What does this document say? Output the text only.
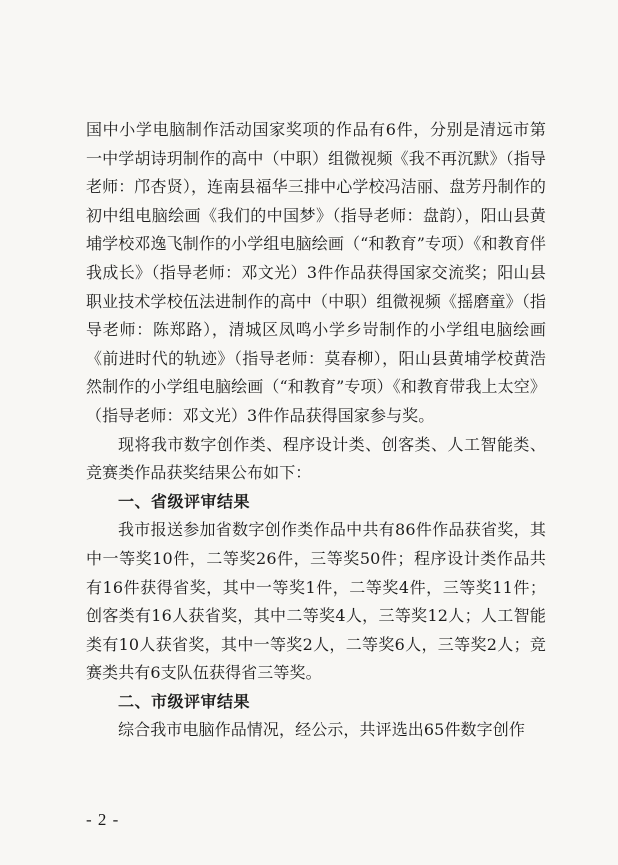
国中小学电脑制作活动国家奖项的作品有6件，分别是清远市第一中学胡诗玥制作的高中（中职）组微视频《我不再沉默》（指导老师：邝杏贤），连南县福华三排中心学校冯洁丽、盘芳丹制作的初中组电脑绘画《我们的中国梦》（指导老师：盘韵），阳山县黄埔学校邓逸飞制作的小学组电脑绘画（“和教育”专项）《和教育伴我成长》（指导老师：邓文光）3件作品获得国家交流奖；阳山县职业技术学校伍法进制作的高中（中职）组微视频《摇磨童》（指导老师：陈郑路），清城区凤鸣小学乡岢制作的小学组电脑绘画《前进时代的轨迹》（指导老师：莫春柳），阳山县黄埔学校黄浩然制作的小学组电脑绘画（“和教育”专项）《和教育带我上太空》（指导老师：邓文光）3件作品获得国家参与奖。

现将我市数字创作类、程序设计类、创客类、人工智能类、竞赛类作品获奖结果公布如下：

一、省级评审结果

我市报送参加省数字创作类作品中共有86件作品获省奖，其中一等奖10件，二等奖26件，三等奖50件；程序设计类作品共有16件获得省奖，其中一等奖1件，二等奖4件，三等奖11件；创客类有16人获省奖，其中二等奖4人，三等奖12人；人工智能类有10人获省奖，其中一等奖2人，二等奖6人，三等奖2人；竞赛类共有6支队伍获得省三等奖。

二、市级评审结果

综合我市电脑作品情况，经公示，共评选出65件数字创作

- 2 -
